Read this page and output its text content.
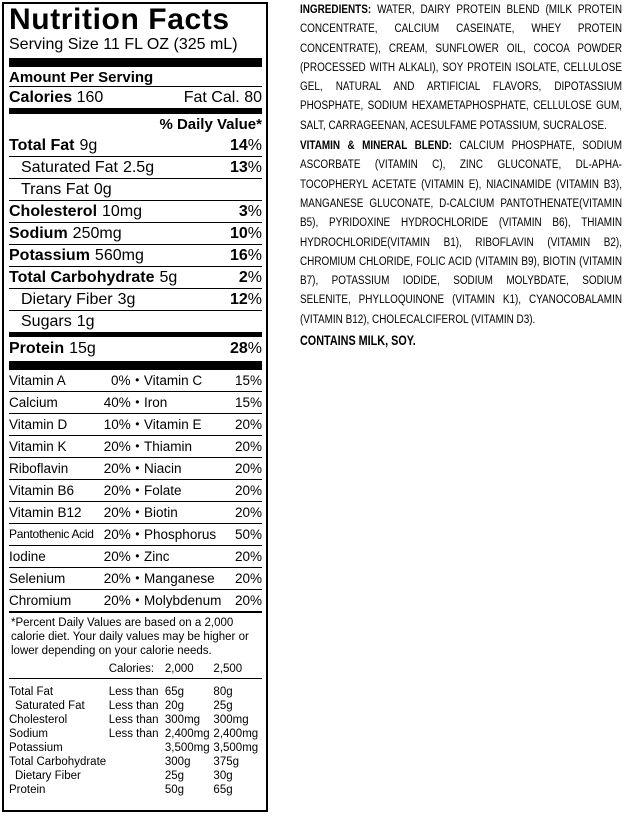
Nutrition Facts
Serving Size 11 FL OZ (325 mL)
Amount Per Serving
Calories 160	Fat Cal. 80
% Daily Value*
Total Fat 9g	14%
Saturated Fat 2.5g	13%
Trans Fat 0g
Cholesterol 10mg	3%
Sodium 250mg	10%
Potassium 560mg	16%
Total Carbohydrate 5g	2%
Dietary Fiber 3g	12%
Sugars 1g
Protein 15g	28%
Vitamin A	0% • Vitamin C	15%
Calcium	40% • Iron	15%
Vitamin D	10% • Vitamin E	20%
Vitamin K	20% • Thiamin	20%
Riboflavin	20% • Niacin	20%
Vitamin B6	20% • Folate	20%
Vitamin B12	20% • Biotin	20%
Pantothenic Acid 20% • Phosphorus	50%
Iodine	20% • Zinc	20%
Selenium	20% • Manganese	20%
Chromium	20% • Molybdenum	20%
*Percent Daily Values are based on a 2,000 calorie diet. Your daily values may be higher or lower depending on your calorie needs.
	Calories:	2,000	2,500

Total Fat	Less than	65g	80g
Saturated Fat	Less than	20g	25g
Cholesterol	Less than	300mg	300mg
Sodium	Less than	2,400mg	2,400mg
Potassium		3,500mg	3,500mg
Total Carbohydrate		300g	375g
Dietary Fiber		25g	30g
Protein		50g	65g

INGREDIENTS: WATER, DAIRY PROTEIN BLEND (MILK PROTEIN CONCENTRATE, CALCIUM CASEINATE, WHEY PROTEIN CONCENTRATE), CREAM, SUNFLOWER OIL, COCOA POWDER (PROCESSED WITH ALKALI), SOY PROTEIN ISOLATE, CELLULOSE GEL, NATURAL AND ARTIFICIAL FLAVORS, DIPOTASSIUM PHOSPHATE, SODIUM HEXAMETAPHOSPHATE, CELLULOSE GUM, SALT, CARRAGEENAN, ACESULFAME POTASSIUM, SUCRALOSE.

VITAMIN & MINERAL BLEND: CALCIUM PHOSPHATE, SODIUM ASCORBATE (VITAMIN C), ZINC GLUCONATE, DL-APHA-TOCOPHERYL ACETATE (VITAMIN E), NIACINAMIDE (VITAMIN B3), MANGANESE GLUCONATE, D-CALCIUM PANTOTHENATE(VITAMIN B5), PYRIDOXINE HYDROCHLORIDE (VITAMIN B6), THIAMIN HYDROCHLORIDE(VITAMIN B1), RIBOFLAVIN (VITAMIN B2), CHROMIUM CHLORIDE, FOLIC ACID (VITAMIN B9), BIOTIN (VITAMIN B7), POTASSIUM IODIDE, SODIUM MOLYBDATE, SODIUM SELENITE, PHYLLOQUINONE (VITAMIN K1), CYANOCOBALAMIN (VITAMIN B12), CHOLECALCIFEROL (VITAMIN D3).

CONTAINS MILK, SOY.
